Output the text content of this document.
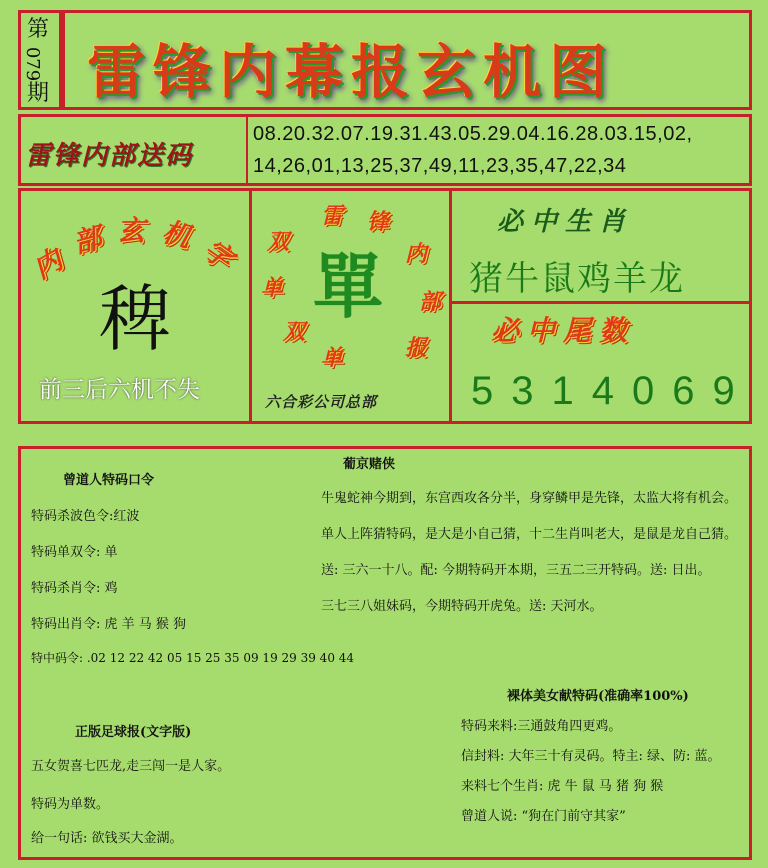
第
079
期 雷锋内幕报玄机图
雷锋内部送码
08.20.32.07.19.31.43.05.29.04.16.28.03.15,02,
14,26,01,13,25,37,49,11,23,35,47,22,34
内
部 玄 机 字
稗
前三后六机不失
雷 锋
内
部
报
单
双
单
双
單
六合彩公司总部
必中生肖
猪牛鼠鸡羊龙
必中尾数
5314069
葡京赌侠
曾道人特码口令
特码杀波色令:红波
特码单双令: 单
特码杀肖令: 鸡
特码出肖令: 虎 羊 马 猴 狗
特中码令: .02 12 22 42 05 15 25 35 09 19 29 39 40 44
正版足球报(文字版)
五女贺喜七匹龙,走三闯一是人家。
特码为单数。
给一句话: 欲钱买大金湖。
牛鬼蛇神今期到，东宫西攻各分半，身穿鳞甲是先锋，太监大将有机会。
单人上阵猜特码，是大是小自己猜，十二生肖叫老大，是鼠是龙自己猜。
送: 三六一十八。配: 今期特码开本期，三五二三开特码。送: 日出。
三七三八姐妹码，今期特码开虎兔。送: 天河水。
裸体美女献特码(准确率100%)
特码来料:三通鼓角四更鸡。
信封料: 大年三十有灵码。特主: 绿、防: 蓝。
来料七个生肖: 虎 牛 鼠 马 猪 狗 猴
曾道人说: “狗在门前守其家”
